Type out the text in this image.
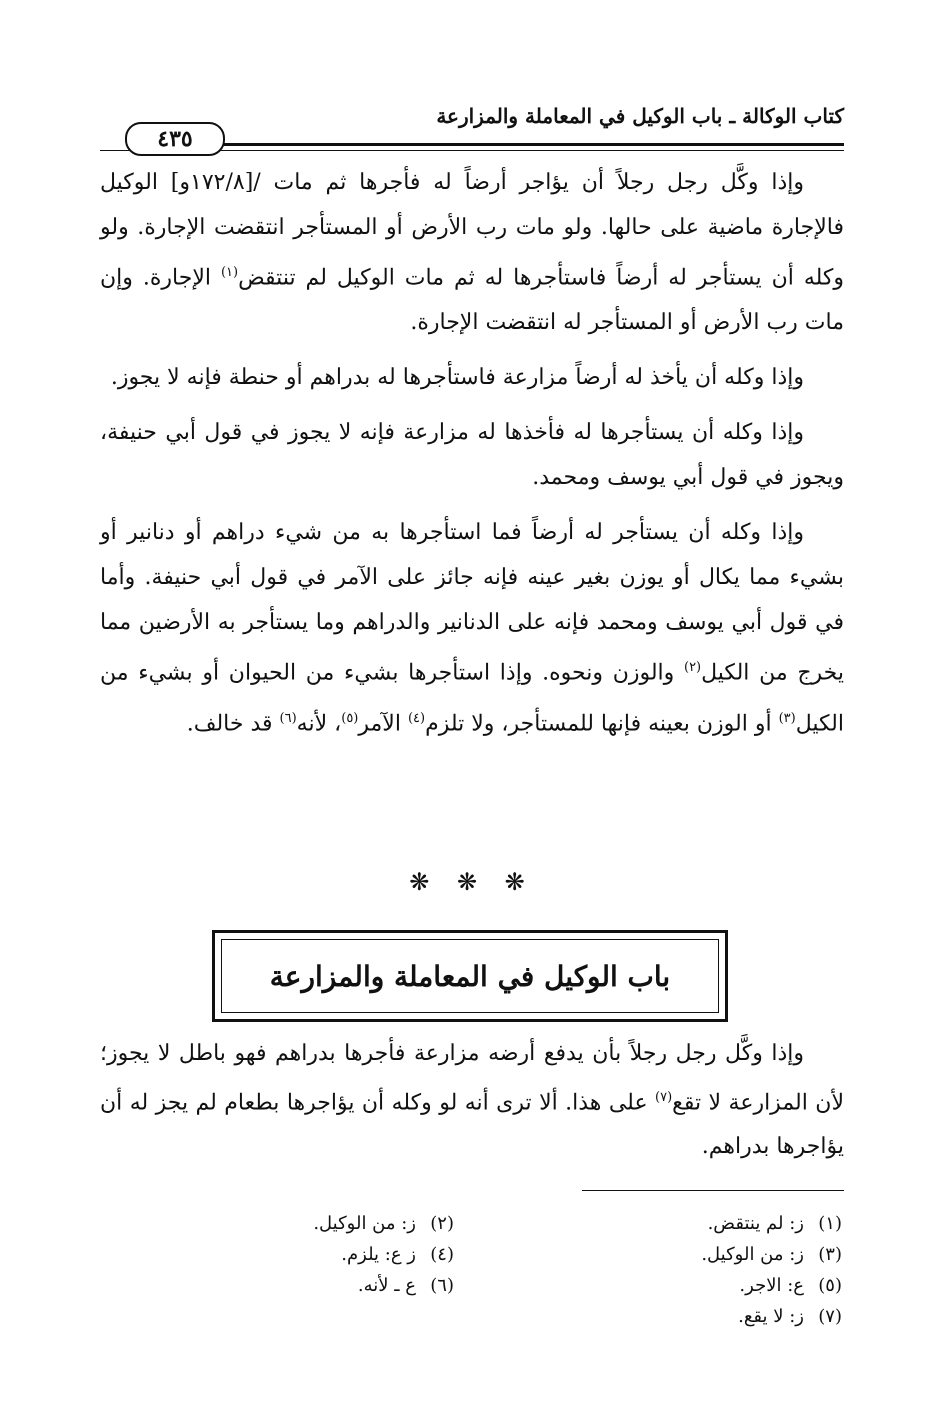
كتاب الوكالة ـ باب الوكيل في المعاملة والمزارعة
٤٣٥

وإذا وكَّل رجل رجلاً أن يؤاجر أرضاً له فأجرها ثم مات /[١٧٢/٨و] الوكيل فالإجارة ماضية على حالها. ولو مات رب الأرض أو المستأجر انتقضت الإجارة. ولو وكله أن يستأجر له أرضاً فاستأجرها له ثم مات الوكيل لم تنتقض$^{(١)}$ الإجارة. وإن مات رب الأرض أو المستأجر له انتقضت الإجارة.

وإذا وكله أن يأخذ له أرضاً مزارعة فاستأجرها له بدراهم أو حنطة فإنه لا يجوز.

وإذا وكله أن يستأجرها له فأخذها له مزارعة فإنه لا يجوز في قول أبي حنيفة، ويجوز في قول أبي يوسف ومحمد.

وإذا وكله أن يستأجر له أرضاً فما استأجرها به من شيء دراهم أو دنانير أو بشيء مما يكال أو يوزن بغير عينه فإنه جائز على الآمر في قول أبي حنيفة. وأما في قول أبي يوسف ومحمد فإنه على الدنانير والدراهم وما يستأجر به الأرضين مما يخرج من الكيل$^{(٢)}$ والوزن ونحوه. وإذا استأجرها بشيء من الحيوان أو بشيء من الكيل$^{(٣)}$ أو الوزن بعينه فإنها للمستأجر، ولا تلزم$^{(٤)}$ الآمر$^{(٥)}$، لأنه$^{(٦)}$ قد خالف.

❋ ❋ ❋
باب الوكيل في المعاملة والمزارعة

وإذا وكَّل رجل رجلاً بأن يدفع أرضه مزارعة فأجرها بدراهم فهو باطل لا يجوز؛ لأن المزارعة لا تقع$^{(٧)}$ على هذا. ألا ترى أنه لو وكله أن يؤاجرها بطعام لم يجز له أن يؤاجرها بدراهم.

(١)ز: لم ينتقض.
(٣)ز: من الوكيل.
(٥)ع: الاجر.
(٧)ز: لا يقع.
(٢)ز: من الوكيل.
(٤)ز ع: يلزم.
(٦)ع ـ لأنه.
